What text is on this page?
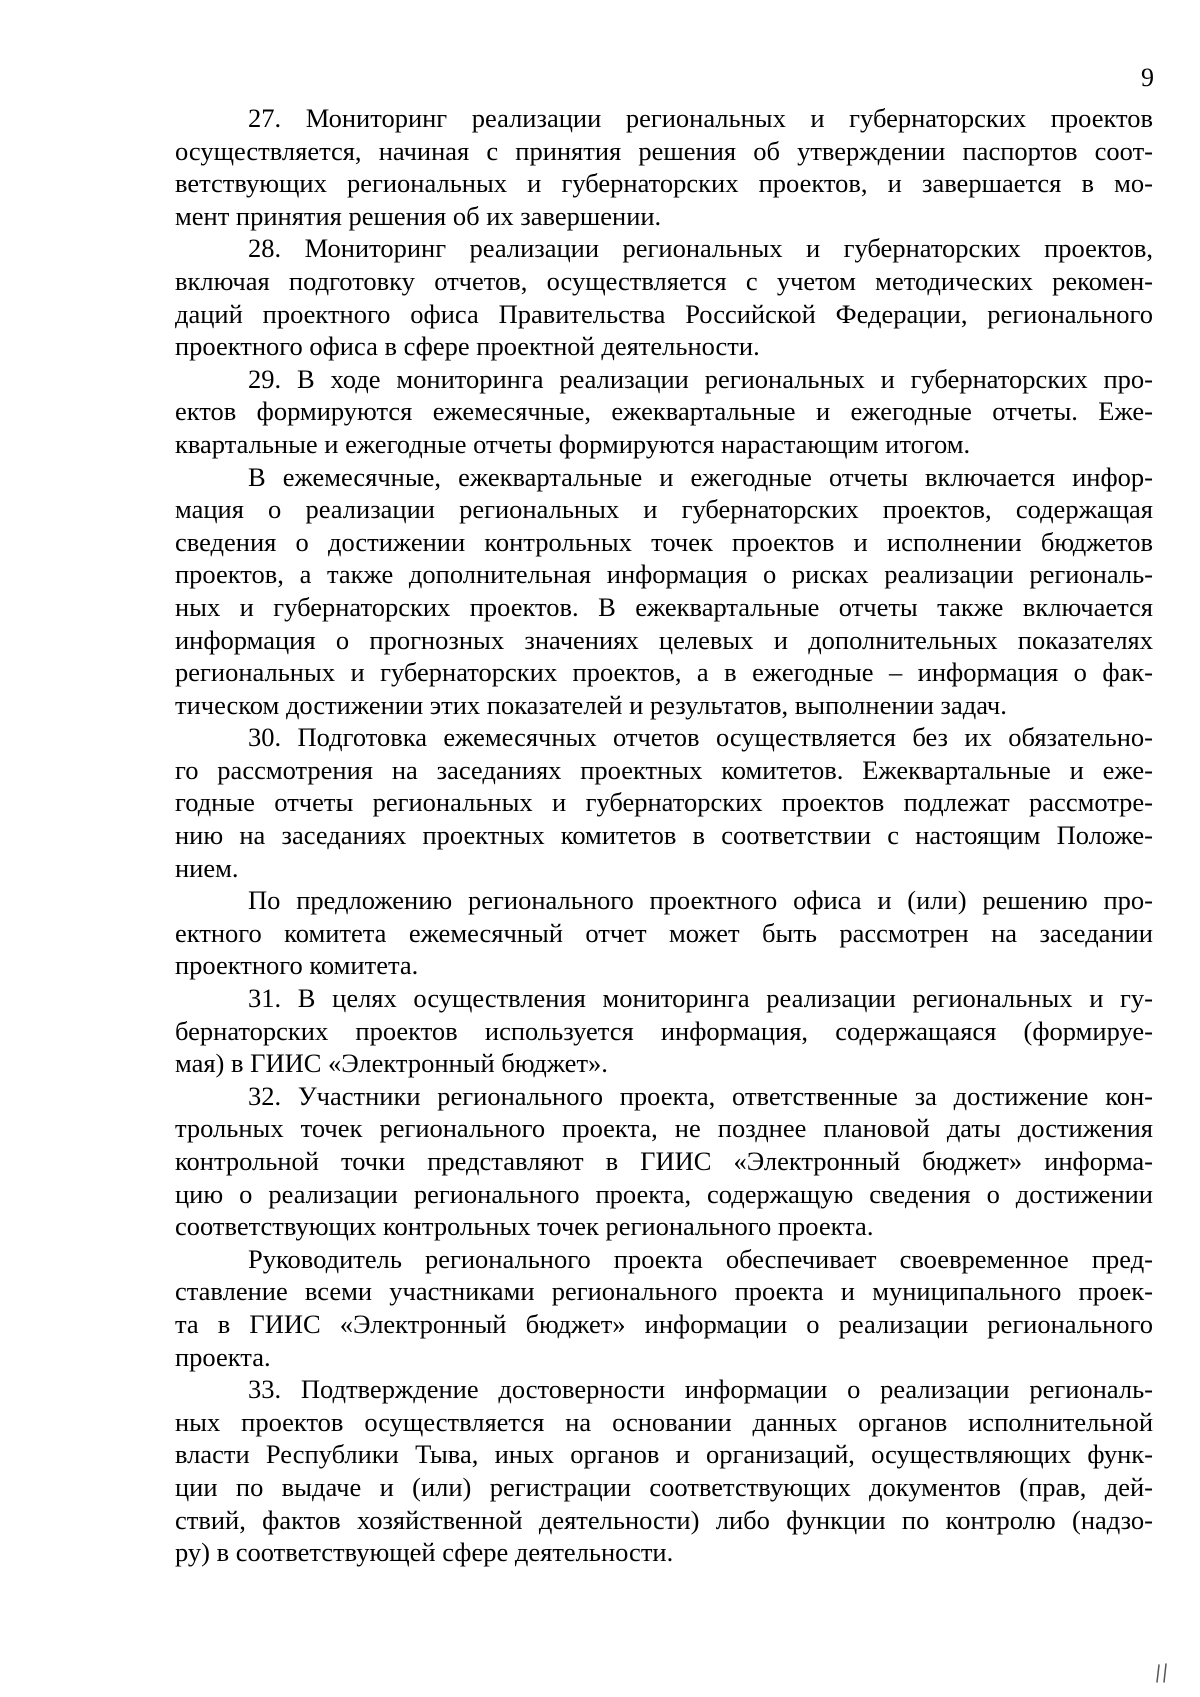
9
27. Мониторинг реализации региональных и губернаторских проектов
осуществляется, начиная с принятия решения об утверждении паспортов соот-
ветствующих региональных и губернаторских проектов, и завершается в мо-
мент принятия решения об их завершении.
28. Мониторинг реализации региональных и губернаторских проектов,
включая подготовку отчетов, осуществляется с учетом методических рекомен-
даций проектного офиса Правительства Российской Федерации, регионального
проектного офиса в сфере проектной деятельности.
29. В ходе мониторинга реализации региональных и губернаторских про-
ектов формируются ежемесячные, ежеквартальные и ежегодные отчеты. Еже-
квартальные и ежегодные отчеты формируются нарастающим итогом.
В ежемесячные, ежеквартальные и ежегодные отчеты включается инфор-
мация о реализации региональных и губернаторских проектов, содержащая
сведения о достижении контрольных точек проектов и исполнении бюджетов
проектов, а также дополнительная информация о рисках реализации региональ-
ных и губернаторских проектов. В ежеквартальные отчеты также включается
информация о прогнозных значениях целевых и дополнительных показателях
региональных и губернаторских проектов, а в ежегодные – информация о фак-
тическом достижении этих показателей и результатов, выполнении задач.
30. Подготовка ежемесячных отчетов осуществляется без их обязательно-
го рассмотрения на заседаниях проектных комитетов. Ежеквартальные и еже-
годные отчеты региональных и губернаторских проектов подлежат рассмотре-
нию на заседаниях проектных комитетов в соответствии с настоящим Положе-
нием.
По предложению регионального проектного офиса и (или) решению про-
ектного комитета ежемесячный отчет может быть рассмотрен на заседании
проектного комитета.
31. В целях осуществления мониторинга реализации региональных и гу-
бернаторских проектов используется информация, содержащаяся (формируе-
мая) в ГИИС «Электронный бюджет».
32. Участники регионального проекта, ответственные за достижение кон-
трольных точек регионального проекта, не позднее плановой даты достижения
контрольной точки представляют в ГИИС «Электронный бюджет» информа-
цию о реализации регионального проекта, содержащую сведения о достижении
соответствующих контрольных точек регионального проекта.
Руководитель регионального проекта обеспечивает своевременное пред-
ставление всеми участниками регионального проекта и муниципального проек-
та в ГИИС «Электронный бюджет» информации о реализации регионального
проекта.
33. Подтверждение достоверности информации о реализации региональ-
ных проектов осуществляется на основании данных органов исполнительной
власти Республики Тыва, иных органов и организаций, осуществляющих функ-
ции по выдаче и (или) регистрации соответствующих документов (прав, дей-
ствий, фактов хозяйственной деятельности) либо функции по контролю (надзо-
ру) в соответствующей сфере деятельности.
